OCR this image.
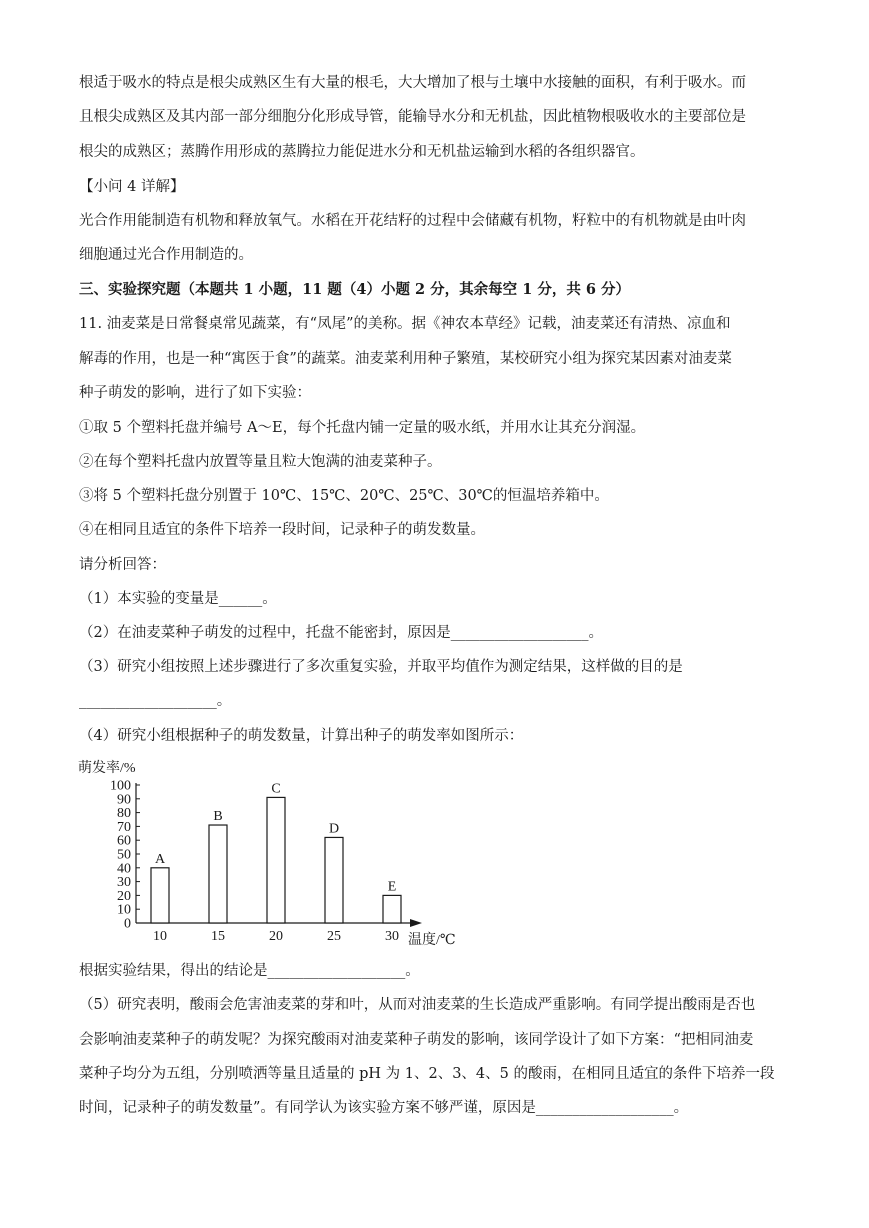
根适于吸水的特点是根尖成熟区生有大量的根毛，大大增加了根与土壤中水接触的面积，有利于吸水。而
且根尖成熟区及其内部一部分细胞分化形成导管，能输导水分和无机盐，因此植物根吸收水的主要部位是
根尖的成熟区；蒸腾作用形成的蒸腾拉力能促进水分和无机盐运输到水稻的各组织器官。
【小问 4 详解】
光合作用能制造有机物和释放氧气。水稻在开花结籽的过程中会储藏有机物，籽粒中的有机物就是由叶肉
细胞通过光合作用制造的。
三、实验探究题（本题共 1 小题，11 题（4）小题 2 分，其余每空 1 分，共 6 分）
11. 油麦菜是日常餐桌常见蔬菜，有“凤尾”的美称。据《神农本草经》记载，油麦菜还有清热、凉血和
解毒的作用，也是一种“寓医于食”的蔬菜。油麦菜利用种子繁殖，某校研究小组为探究某因素对油麦菜
种子萌发的影响，进行了如下实验：
①取 5 个塑料托盘并编号 A～E，每个托盘内铺一定量的吸水纸，并用水让其充分润湿。
②在每个塑料托盘内放置等量且粒大饱满的油麦菜种子。
③将 5 个塑料托盘分别置于 10℃、15℃、20℃、25℃、30℃的恒温培养箱中。
④在相同且适宜的条件下培养一段时间，记录种子的萌发数量。
请分析回答：
（1）本实验的变量是______。
（2）在油麦菜种子萌发的过程中，托盘不能密封，原因是___________________。
（3）研究小组按照上述步骤进行了多次重复实验，并取平均值作为测定结果，这样做的目的是
___________________。
（4）研究小组根据种子的萌发数量，计算出种子的萌发率如图所示：
0
10
20
30
40
50
60
70
80
90
100
A
B
C
D
E
10	15	20	25	30
萌发率/%
温度/℃
根据实验结果，得出的结论是___________________。
（5）研究表明，酸雨会危害油麦菜的芽和叶，从而对油麦菜的生长造成严重影响。有同学提出酸雨是否也
会影响油麦菜种子的萌发呢？为探究酸雨对油麦菜种子萌发的影响，该同学设计了如下方案：“把相同油麦
菜种子均分为五组，分别喷洒等量且适量的 pH 为 1、2、3、4、5 的酸雨，在相同且适宜的条件下培养一段
时间，记录种子的萌发数量”。有同学认为该实验方案不够严谨，原因是___________________。
